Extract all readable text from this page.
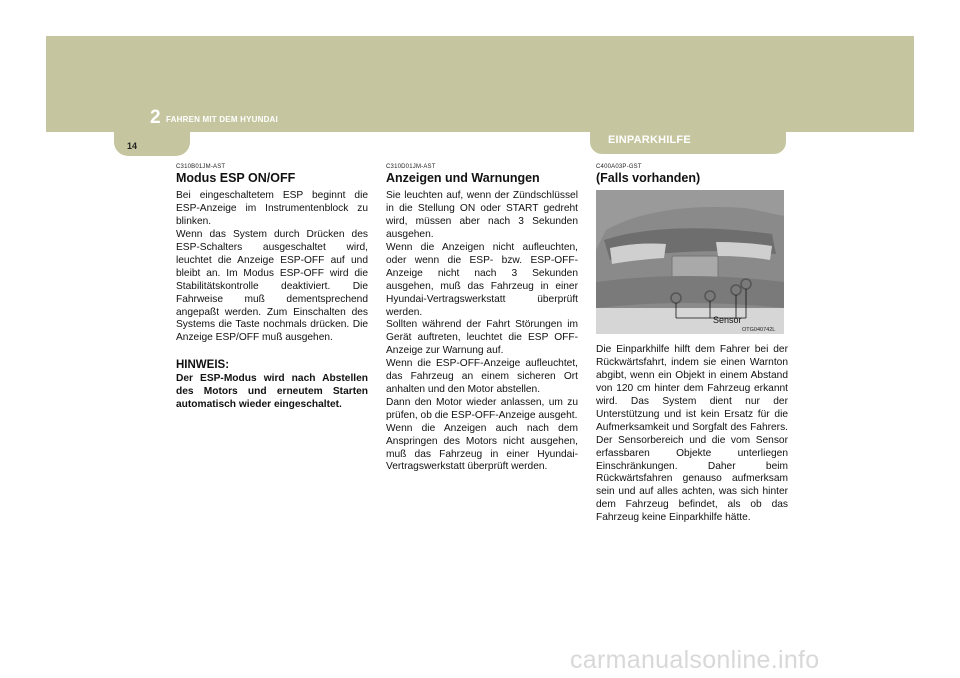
2 FAHREN MIT DEM HYUNDAI
14	EINPARKHILFE
C310B01JM-AST
Modus ESP ON/OFF
Bei eingeschaltetem ESP beginnt die ESP-Anzeige im Instrumentenblock zu blinken.
Wenn das System durch Drücken des ESP-Schalters ausgeschaltet wird, leuchtet die Anzeige ESP-OFF auf und bleibt an. Im Modus ESP-OFF wird die Stabilitätskontrolle deaktiviert. Die Fahrweise muß dementsprechend angepaßt werden. Zum Einschalten des Systems die Taste nochmals drücken. Die Anzeige ESP/OFF muß ausgehen.
HINWEIS:
Der ESP-Modus wird nach Abstellen des Motors und erneutem Starten automatisch wieder eingeschaltet.
C310D01JM-AST
Anzeigen und Warnungen
Sie leuchten auf, wenn der Zündschlüssel in die Stellung ON oder START gedreht wird, müssen aber nach 3 Sekunden ausgehen.
Wenn die Anzeigen nicht aufleuchten, oder wenn die ESP- bzw. ESP-OFF-Anzeige nicht nach 3 Sekunden ausgehen, muß das Fahrzeug in einer Hyundai-Vertragswerkstatt überprüft werden.
Sollten während der Fahrt Störungen im Gerät auftreten, leuchtet die ESP OFF-Anzeige zur Warnung auf.
Wenn die ESP-OFF-Anzeige aufleuchtet, das Fahrzeug an einem sicheren Ort anhalten und den Motor abstellen.
Dann den Motor wieder anlassen, um zu prüfen, ob die ESP-OFF-Anzeige ausgeht.
Wenn die Anzeigen auch nach dem Anspringen des Motors nicht ausgehen, muß das Fahrzeug in einer Hyundai-Vertragswerkstatt überprüft werden.
C400A03P-GST
(Falls vorhanden)
Sensor
OTG040742L
Die Einparkhilfe hilft dem Fahrer bei der Rückwärtsfahrt, indem sie einen Warnton abgibt, wenn ein Objekt in einem Abstand von 120 cm hinter dem Fahrzeug erkannt wird. Das System dient nur der Unterstützung und ist kein Ersatz für die Aufmerksamkeit und Sorgfalt des Fahrers. Der Sensorbereich und die vom Sensor erfassbaren Objekte unterliegen Einschränkungen. Daher beim Rückwärtsfahren genauso aufmerksam sein und auf alles achten, was sich hinter dem Fahrzeug befindet, als ob das Fahrzeug keine Einparkhilfe hätte.
carmanualsonline.info
